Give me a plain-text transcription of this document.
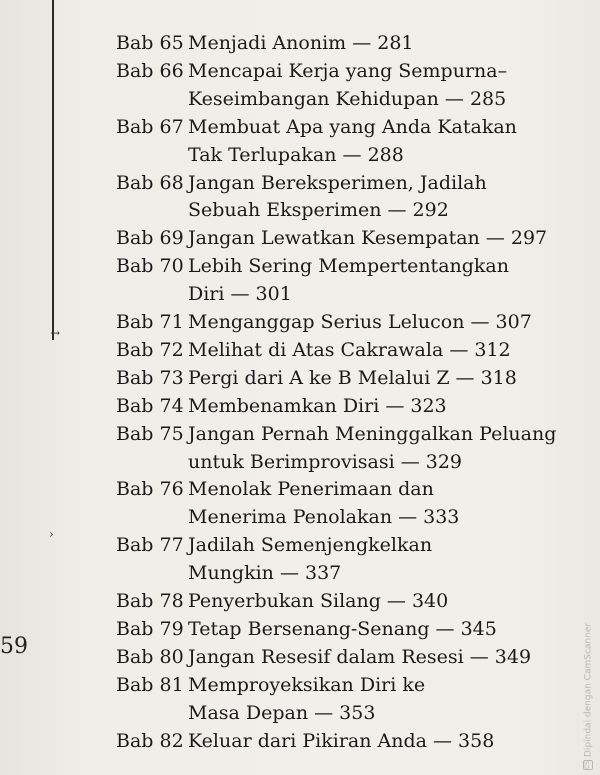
→
›
59
Bab 65 Menjadi Anonim — 281
Bab 66 Mencapai Kerja yang Sempurna–
Keseimbangan Kehidupan — 285
Bab 67 Membuat Apa yang Anda Katakan
Tak Terlupakan — 288
Bab 68 Jangan Bereksperimen, Jadilah
Sebuah Eksperimen — 292
Bab 69 Jangan Lewatkan Kesempatan — 297
Bab 70 Lebih Sering Mempertentangkan
Diri — 301
Bab 71 Menganggap Serius Lelucon — 307
Bab 72 Melihat di Atas Cakrawala — 312
Bab 73 Pergi dari A ke B Melalui Z — 318
Bab 74 Membenamkan Diri — 323
Bab 75 Jangan Pernah Meninggalkan Peluang
untuk Berimprovisasi — 329
Bab 76 Menolak Penerimaan dan
Menerima Penolakan — 333
Bab 77 Jadilah Semenjengkelkan
Mungkin — 337
Bab 78 Penyerbukan Silang — 340
Bab 79 Tetap Bersenang-Senang — 345
Bab 80 Jangan Resesif dalam Resesi — 349
Bab 81 Memproyeksikan Diri ke
Masa Depan — 353
Bab 82 Keluar dari Pikiran Anda — 358
CSDipindai dengan CamScanner
